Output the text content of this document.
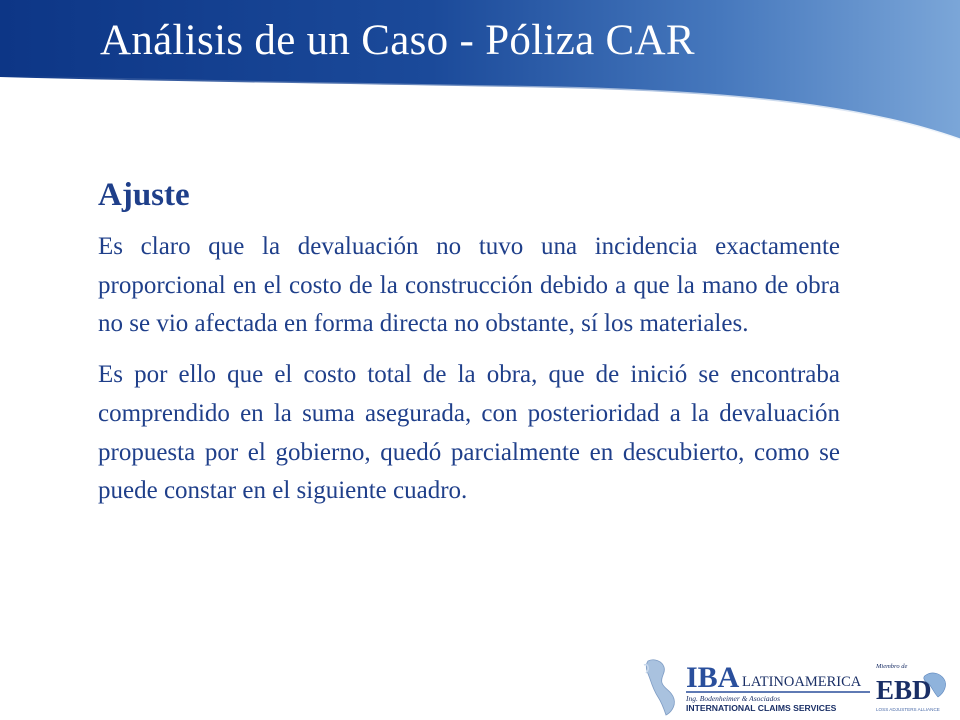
Análisis de un Caso - Póliza CAR
Ajuste

Es claro que la devaluación no tuvo una incidencia exactamente proporcional en el costo de la construcción debido a que la mano de obra no se vio afectada en forma directa no obstante, sí los materiales.

Es por ello que el costo total de la obra, que de inició se encontraba comprendido en la suma asegurada, con posterioridad a la devaluación propuesta por el gobierno, quedó parcialmente en descubierto, como se puede constar en el siguiente cuadro.

IBA LATINOAMERICA
Ing. Bodenheimer & Asociados
INTERNATIONAL CLAIMS SERVICES
Miembro de
EBD
LOSS ADJUSTERS ALLIANCE
